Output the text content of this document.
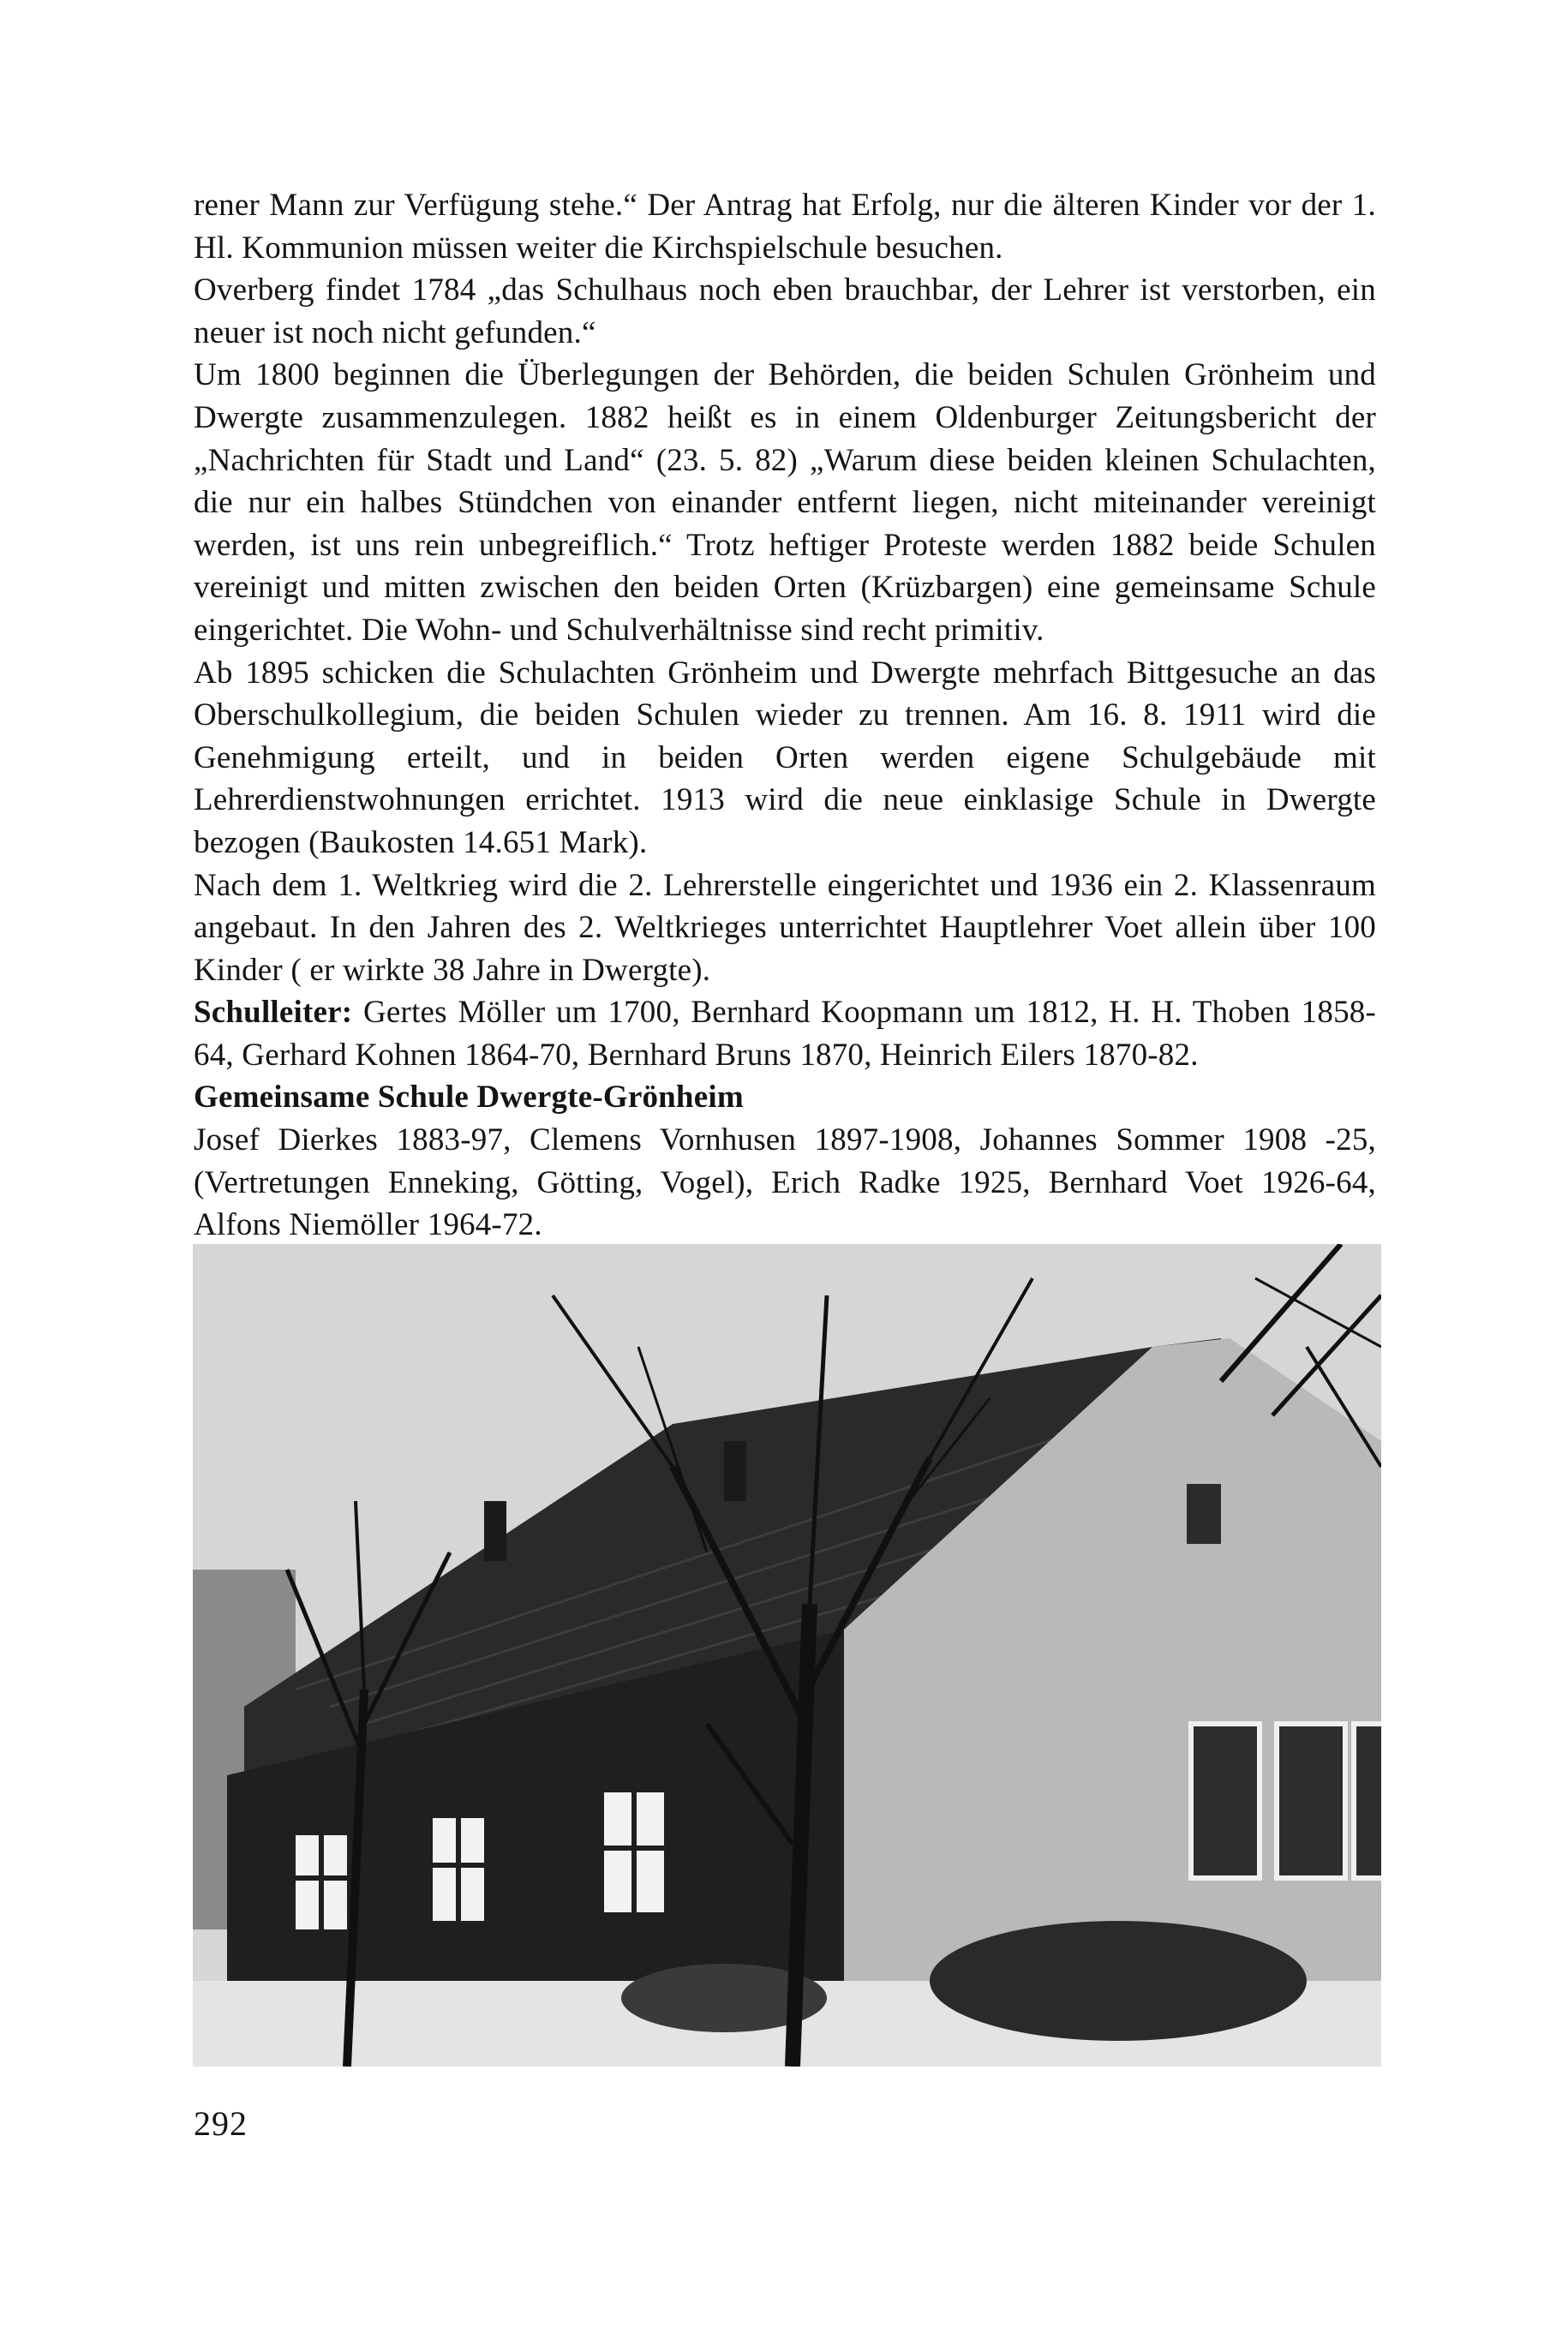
rener Mann zur Verfügung stehe.“ Der Antrag hat Erfolg, nur die älteren Kinder vor der 1. Hl. Kommunion müssen weiter die Kirchspielschule besuchen.

Overberg findet 1784 „das Schulhaus noch eben brauchbar, der Lehrer ist verstorben, ein neuer ist noch nicht gefunden.“

Um 1800 beginnen die Überlegungen der Behörden, die beiden Schulen Grönheim und Dwergte zusammenzulegen. 1882 heißt es in einem Oldenburger Zeitungsbericht der „Nachrichten für Stadt und Land“ (23. 5. 82) „Warum diese beiden kleinen Schulachten, die nur ein halbes Stündchen von einander entfernt liegen, nicht miteinander vereinigt werden, ist uns rein unbegreiflich.“ Trotz heftiger Proteste werden 1882 beide Schulen vereinigt und mitten zwischen den beiden Orten (Krüzbargen) eine gemeinsame Schule eingerichtet. Die Wohn- und Schulverhältnisse sind recht primitiv.

Ab 1895 schicken die Schulachten Grönheim und Dwergte mehrfach Bittgesuche an das Oberschulkollegium, die beiden Schulen wieder zu trennen. Am 16. 8. 1911 wird die Genehmigung erteilt, und in beiden Orten werden eigene Schulgebäude mit Lehrerdienstwohnungen errichtet. 1913 wird die neue einklasige Schule in Dwergte bezogen (Baukosten 14.651 Mark).

Nach dem 1. Weltkrieg wird die 2. Lehrerstelle eingerichtet und 1936 ein 2. Klassenraum angebaut. In den Jahren des 2. Weltkrieges unterrichtet Hauptlehrer Voet allein über 100 Kinder ( er wirkte 38 Jahre in Dwergte).

Schulleiter: Gertes Möller um 1700, Bernhard Koopmann um 1812, H. H. Thoben 1858-64, Gerhard Kohnen 1864-70, Bernhard Bruns 1870, Heinrich Eilers 1870-82.

Gemeinsame Schule Dwergte-Grönheim

Josef Dierkes 1883-97, Clemens Vornhusen 1897-1908, Johannes Sommer 1908 -25, (Vertretungen Enneking, Götting, Vogel), Erich Radke 1925, Bernhard Voet 1926-64, Alfons Niemöller 1964-72.

292
